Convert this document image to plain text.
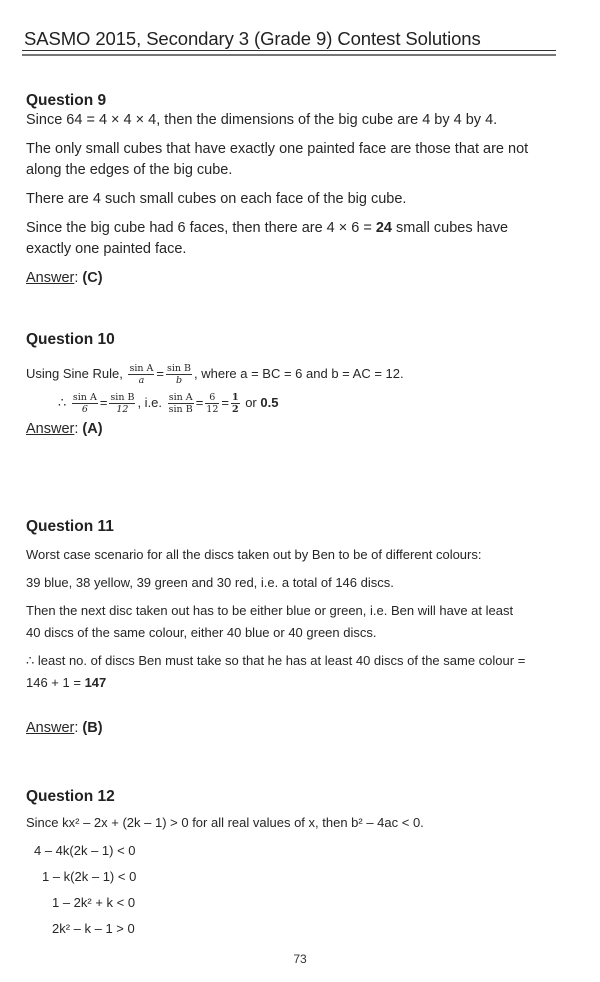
SASMO 2015, Secondary 3 (Grade 9) Contest Solutions
Question 9
Since 64 = 4 × 4 × 4, then the dimensions of the big cube are 4 by 4 by 4.
The only small cubes that have exactly one painted face are those that are not
along the edges of the big cube.
There are 4 such small cubes on each face of the big cube.
Since the big cube had 6 faces, then there are 4 × 6 = 24 small cubes have
exactly one painted face.
Answer: (C)
Question 10
Using Sine Rule, $\frac{\text{sin A}}{a} = \frac{\text{sin B}}{b}$ , where a = BC = 6 and b = AC = 12.
∴ $\frac{\text{sin A}}{6} = \frac{\text{sin B}}{12}$ , i.e. $\frac{\text{sin A}}{\text{sin B}} = \frac{6}{12} = \frac{1}{2}$ or 0.5
Answer: (A)
Question 11
Worst case scenario for all the discs taken out by Ben to be of different colours:
39 blue, 38 yellow, 39 green and 30 red, i.e. a total of 146 discs.
Then the next disc taken out has to be either blue or green, i.e. Ben will have at least
40 discs of the same colour, either 40 blue or 40 green discs.
∴ least no. of discs Ben must take so that he has at least 40 discs of the same colour =
146 + 1 = 147
Answer: (B)
Question 12
Since kx² – 2x + (2k – 1) > 0 for all real values of x, then b² – 4ac < 0.
4 – 4k(2k – 1) < 0
1 – k(2k – 1) < 0
1 – 2k² + k < 0
2k² – k – 1 > 0
73
